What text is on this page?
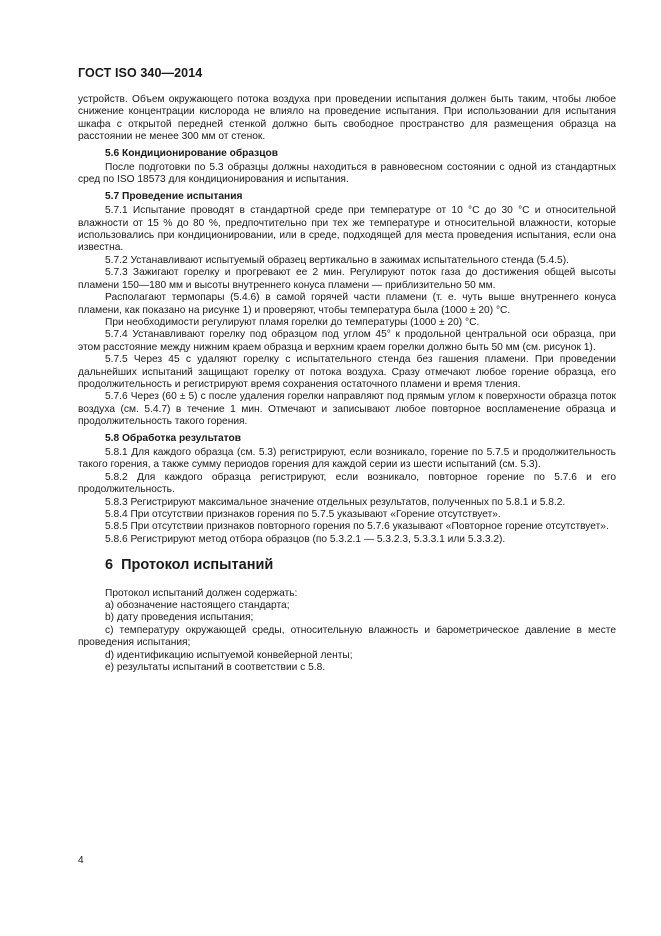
ГОСТ ISO 340—2014

устройств. Объем окружающего потока воздуха при проведении испытания должен быть таким, чтобы любое снижение концентрации кислорода не влияло на проведение испытания. При использовании для испытания шкафа с открытой передней стенкой должно быть свободное пространство для размещения образца на расстоянии не менее 300 мм от стенок.

5.6 Кондиционирование образцов

После подготовки по 5.3 образцы должны находиться в равновесном состоянии с одной из стандартных сред по ISO 18573 для кондиционирования и испытания.

5.7 Проведение испытания

5.7.1 Испытание проводят в стандартной среде при температуре от 10 °С до 30 °С и относительной влажности от 15 % до 80 %, предпочтительно при тех же температуре и относительной влажности, которые использовались при кондиционировании, или в среде, подходящей для места проведения испытания, если она известна.

5.7.2 Устанавливают испытуемый образец вертикально в зажимах испытательного стенда (5.4.5).

5.7.3 Зажигают горелку и прогревают ее 2 мин. Регулируют поток газа до достижения общей высоты пламени 150—180 мм и высоты внутреннего конуса пламени — приблизительно 50 мм.

Располагают термопары (5.4.6) в самой горячей части пламени (т. е. чуть выше внутреннего конуса пламени, как показано на рисунке 1) и проверяют, чтобы температура была (1000 ± 20) °С.

При необходимости регулируют пламя горелки до температуры (1000 ± 20) °С.

5.7.4 Устанавливают горелку под образцом под углом 45° к продольной центральной оси образца, при этом расстояние между нижним краем образца и верхним краем горелки должно быть 50 мм (см. рисунок 1).

5.7.5 Через 45 с удаляют горелку с испытательного стенда без гашения пламени. При проведении дальнейших испытаний защищают горелку от потока воздуха. Сразу отмечают любое горение образца, его продолжительность и регистрируют время сохранения остаточного пламени и время тления.

5.7.6 Через (60 ± 5) с после удаления горелки направляют под прямым углом к поверхности образца поток воздуха (см. 5.4.7) в течение 1 мин. Отмечают и записывают любое повторное воспламенение образца и продолжительность такого горения.

5.8 Обработка результатов

5.8.1 Для каждого образца (см. 5.3) регистрируют, если возникало, горение по 5.7.5 и продолжительность такого горения, а также сумму периодов горения для каждой серии из шести испытаний (см. 5.3).

5.8.2 Для каждого образца регистрируют, если возникало, повторное горение по 5.7.6 и его продолжительность.

5.8.3 Регистрируют максимальное значение отдельных результатов, полученных по 5.8.1 и 5.8.2.

5.8.4 При отсутствии признаков горения по 5.7.5 указывают «Горение отсутствует».

5.8.5 При отсутствии признаков повторного горения по 5.7.6 указывают «Повторное горение отсутствует».

5.8.6 Регистрируют метод отбора образцов (по 5.3.2.1 — 5.3.2.3, 5.3.3.1 или 5.3.3.2).

6 Протокол испытаний

Протокол испытаний должен содержать:

a) обозначение настоящего стандарта;

b) дату проведения испытания;

c) температуру окружающей среды, относительную влажность и барометрическое давление в месте проведения испытания;

d) идентификацию испытуемой конвейерной ленты;

e) результаты испытаний в соответствии с 5.8.

4
